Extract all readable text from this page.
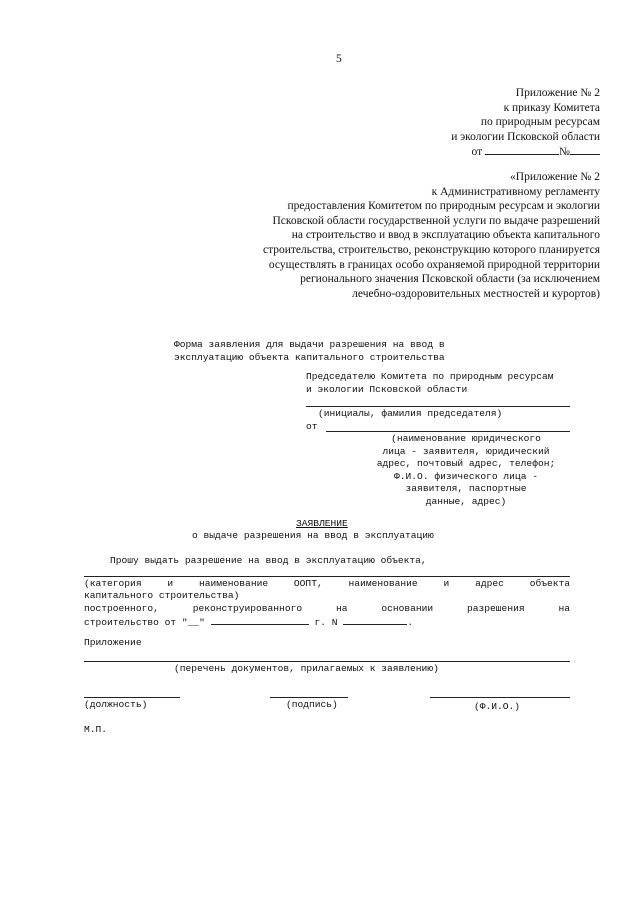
5
Приложение № 2
к приказу Комитета
по природным ресурсам
и экологии Псковской области
от	№
«Приложение № 2
к Административному регламенту
предоставления Комитетом по природным ресурсам и экологии
Псковской области государственной услуги по выдаче разрешений
на строительство и ввод в эксплуатацию объекта капитального
строительства, строительство, реконструкцию которого планируется
осуществлять в границах особо охраняемой природной территории
регионального значения Псковской области (за исключением
лечебно-оздоровительных местностей и курортов)
Форма заявления для выдачи разрешения на ввод в
эксплуатацию объекта капитального строительства
Председателю Комитета по природным ресурсам
и экологии Псковской области
(инициалы, фамилия председателя)
от
(наименование юридического
лица - заявителя, юридический
адрес, почтовый адрес, телефон;
Ф.И.О. физического лица -
заявителя, паспортные
данные, адрес)
ЗАЯВЛЕНИЕ
о выдаче разрешения на ввод в эксплуатацию
Прошу выдать разрешение на ввод в эксплуатацию объекта,
(категория	и	наименование	ООПТ,	наименование	и	адрес	объекта
капитального строительства)
построенного,	реконструированного	на	основании	разрешения	на
строительство от "__"	г. N	.
Приложение
(перечень документов, прилагаемых к заявлению)
(должность)	(подпись)	(Ф.И.О.)
М.П.
